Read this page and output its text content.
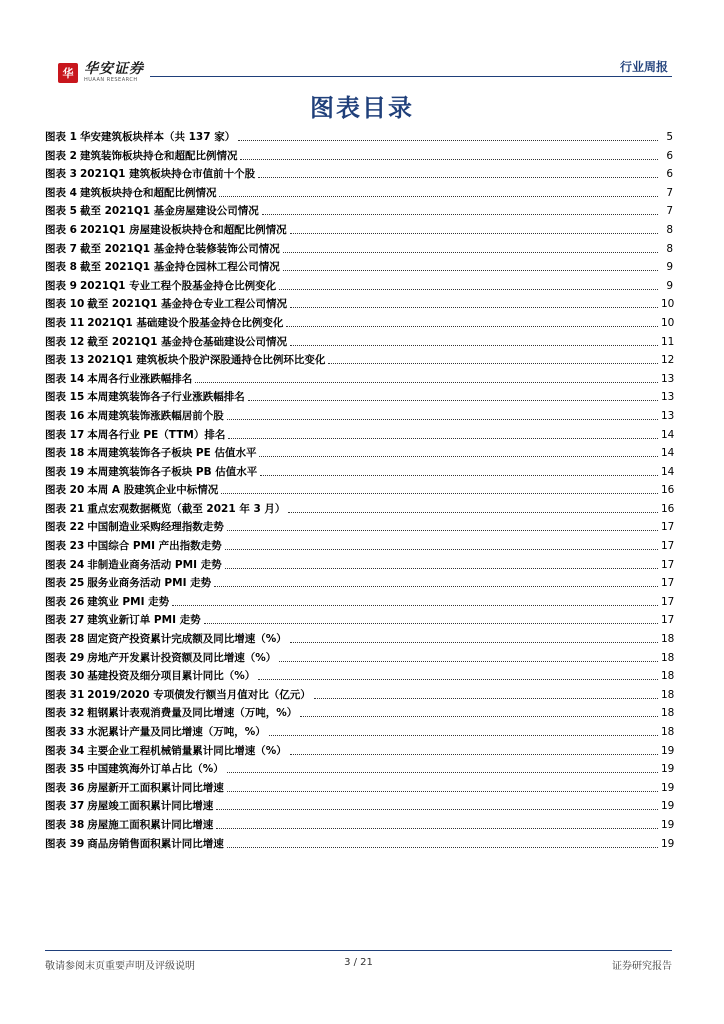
华 华安证券
HUAAN RESEARCH
行业周报
图表目录
图表 1 华安建筑板块样本（共 137 家）	5
图表 2 建筑装饰板块持仓和超配比例情况	6
图表 3 2021Q1 建筑板块持仓市值前十个股	6
图表 4 建筑板块持仓和超配比例情况	7
图表 5 截至 2021Q1 基金房屋建设公司情况	7
图表 6 2021Q1 房屋建设板块持仓和超配比例情况	8
图表 7 截至 2021Q1 基金持仓装修装饰公司情况	8
图表 8 截至 2021Q1 基金持仓园林工程公司情况	9
图表 9 2021Q1 专业工程个股基金持仓比例变化	9
图表 10 截至 2021Q1 基金持仓专业工程公司情况	10
图表 11 2021Q1 基础建设个股基金持仓比例变化	10
图表 12 截至 2021Q1 基金持仓基础建设公司情况	11
图表 13 2021Q1 建筑板块个股沪深股通持仓比例环比变化	12
图表 14 本周各行业涨跌幅排名	13
图表 15 本周建筑装饰各子行业涨跌幅排名	13
图表 16 本周建筑装饰涨跌幅居前个股	13
图表 17 本周各行业 PE（TTM）排名	14
图表 18 本周建筑装饰各子板块 PE 估值水平	14
图表 19 本周建筑装饰各子板块 PB 估值水平	14
图表 20 本周 A 股建筑企业中标情况	16
图表 21 重点宏观数据概览（截至 2021 年 3 月）	16
图表 22 中国制造业采购经理指数走势	17
图表 23 中国综合 PMI 产出指数走势	17
图表 24 非制造业商务活动 PMI 走势	17
图表 25 服务业商务活动 PMI 走势	17
图表 26 建筑业 PMI 走势	17
图表 27 建筑业新订单 PMI 走势	17
图表 28 固定资产投资累计完成额及同比增速（%）	18
图表 29 房地产开发累计投资额及同比增速（%）	18
图表 30 基建投资及细分项目累计同比（%）	18
图表 31 2019/2020 专项债发行额当月值对比（亿元）	18
图表 32 粗钢累计表观消费量及同比增速（万吨，%）	18
图表 33 水泥累计产量及同比增速（万吨，%）	18
图表 34 主要企业工程机械销量累计同比增速（%）	19
图表 35 中国建筑海外订单占比（%）	19
图表 36 房屋新开工面积累计同比增速	19
图表 37 房屋竣工面积累计同比增速	19
图表 38 房屋施工面积累计同比增速	19
图表 39 商品房销售面积累计同比增速	19
敬请参阅末页重要声明及评级说明	3 / 21	证券研究报告
